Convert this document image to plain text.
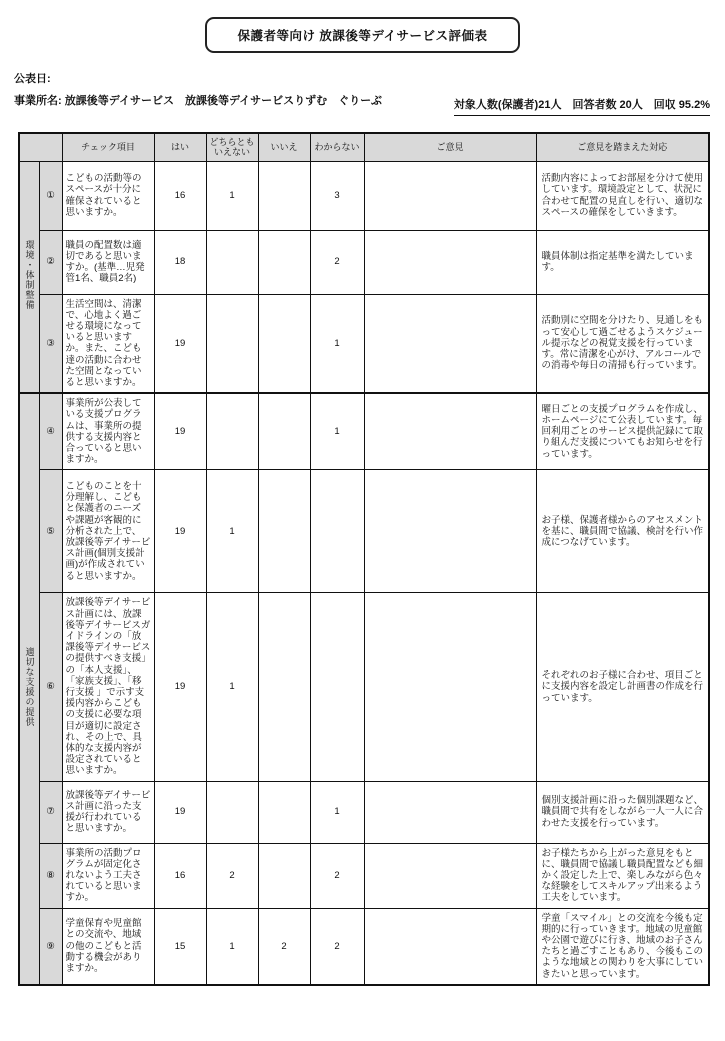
保護者等向け 放課後等デイサービス評価表
公表日:
事業所名: 放課後等デイサービス　放課後等デイサービスりずむ　ぐりーぶ	対象人数(保護者)21人　回答者数 20人　回収 95.2%
		チェック項目	はい	どちらともいえない	いいえ	わからない	ご意見	ご意見を踏まえた対応
環境・体制整備	①	こどもの活動等のスペースが十分に確保されていると思いますか。	16	1		3		活動内容によってお部屋を分けて使用しています。環境設定として、状況に合わせて配置の見直しを行い、適切なスペースの確保をしていきます。
	②	職員の配置数は適切であると思いますか。(基準…児発管1名、職員2名)	18			2		職員体制は指定基準を満たしています。
	③	生活空間は、清潔で、心地よく過ごせる環境になっていると思いますか。また、こども達の活動に合わせた空間となっていると思いますか。	19			1		活動別に空間を分けたり、見通しをもって安心して過ごせるようスケジュール提示などの視覚支援を行っています。常に清潔を心がけ、アルコールでの消毒や毎日の清掃も行っています。
適切な支援の提供	④	事業所が公表している支援プログラムは、事業所の提供する支援内容と合っていると思いますか。	19			1		曜日ごとの支援プログラムを作成し、ホームページにて公表しています。毎回利用ごとのサービス提供記録にて取り組んだ支援についてもお知らせを行っています。
	⑤	こどものことを十分理解し、こどもと保護者のニーズや課題が客観的に分析された上で、放課後等デイサービス計画(個別支援計画)が作成されていると思いますか。	19	1				お子様、保護者様からのアセスメントを基に、職員間で協議、検討を行い作成につなげています。
	⑥	放課後等デイサービス計画には、放課後等デイサービスガイドラインの「放課後等デイサービスの提供すべき支援」の「本人支援」、「家族支援」、「移行支援 」で示す支援内容からこどもの支援に必要な項目が適切に設定され、その上で、具体的な支援内容が設定されていると思いますか。	19	1				それぞれのお子様に合わせ、項目ごとに支援内容を設定し計画書の作成を行っています。
	⑦	放課後等デイサービス計画に沿った支援が行われていると思いますか。	19			1		個別支援計画に沿った個別課題など、職員間で共有をしながら一人一人に合わせた支援を行っています。
	⑧	事業所の活動プログラムが固定化されないよう工夫されていると思いますか。	16	2		2		お子様たちから上がった意見をもとに、職員間で協議し職員配置なども細かく設定した上で、楽しみながら色々な経験をしてスキルアップ出来るよう工夫をしています。
	⑨	学童保育や児童館との交流や、地域の他のこどもと活動する機会がありますか。	15	1	2	2		学童「スマイル」との交流を今後も定期的に行っていきます。地域の児童館や公園で遊びに行き、地域のお子さんたちと過ごすこともあり、今後もこのような地域との関わりを大事にしていきたいと思っています。
